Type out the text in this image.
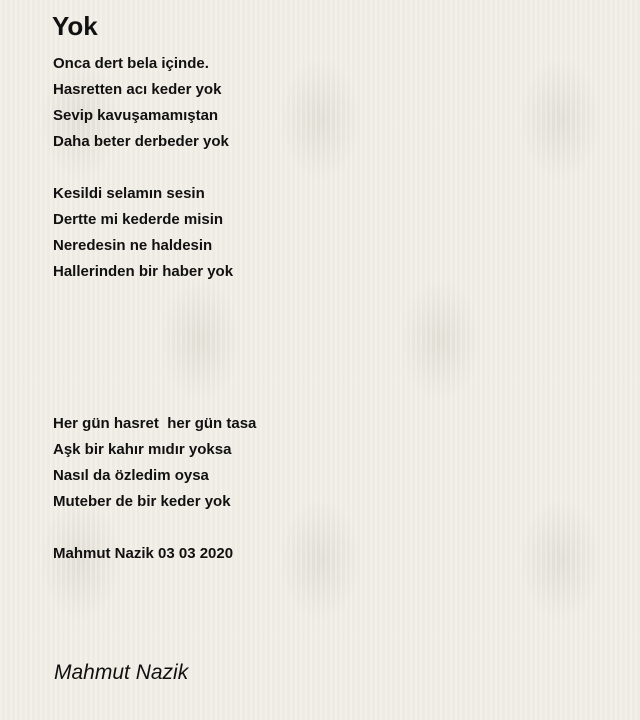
Yok

Onca dert bela içinde.

Hasretten acı keder yok

Sevip kavuşamamıştan

Daha beter derbeder yok

Kesildi selamın sesin

Dertte mi kederde misin

Neredesin ne haldesin

Hallerinden bir haber yok

Her gün hasret  her gün tasa

Aşk bir kahır mıdır yoksa

Nasıl da özledim oysa

Muteber de bir keder yok

Mahmut Nazik 03 03 2020

Mahmut Nazik
